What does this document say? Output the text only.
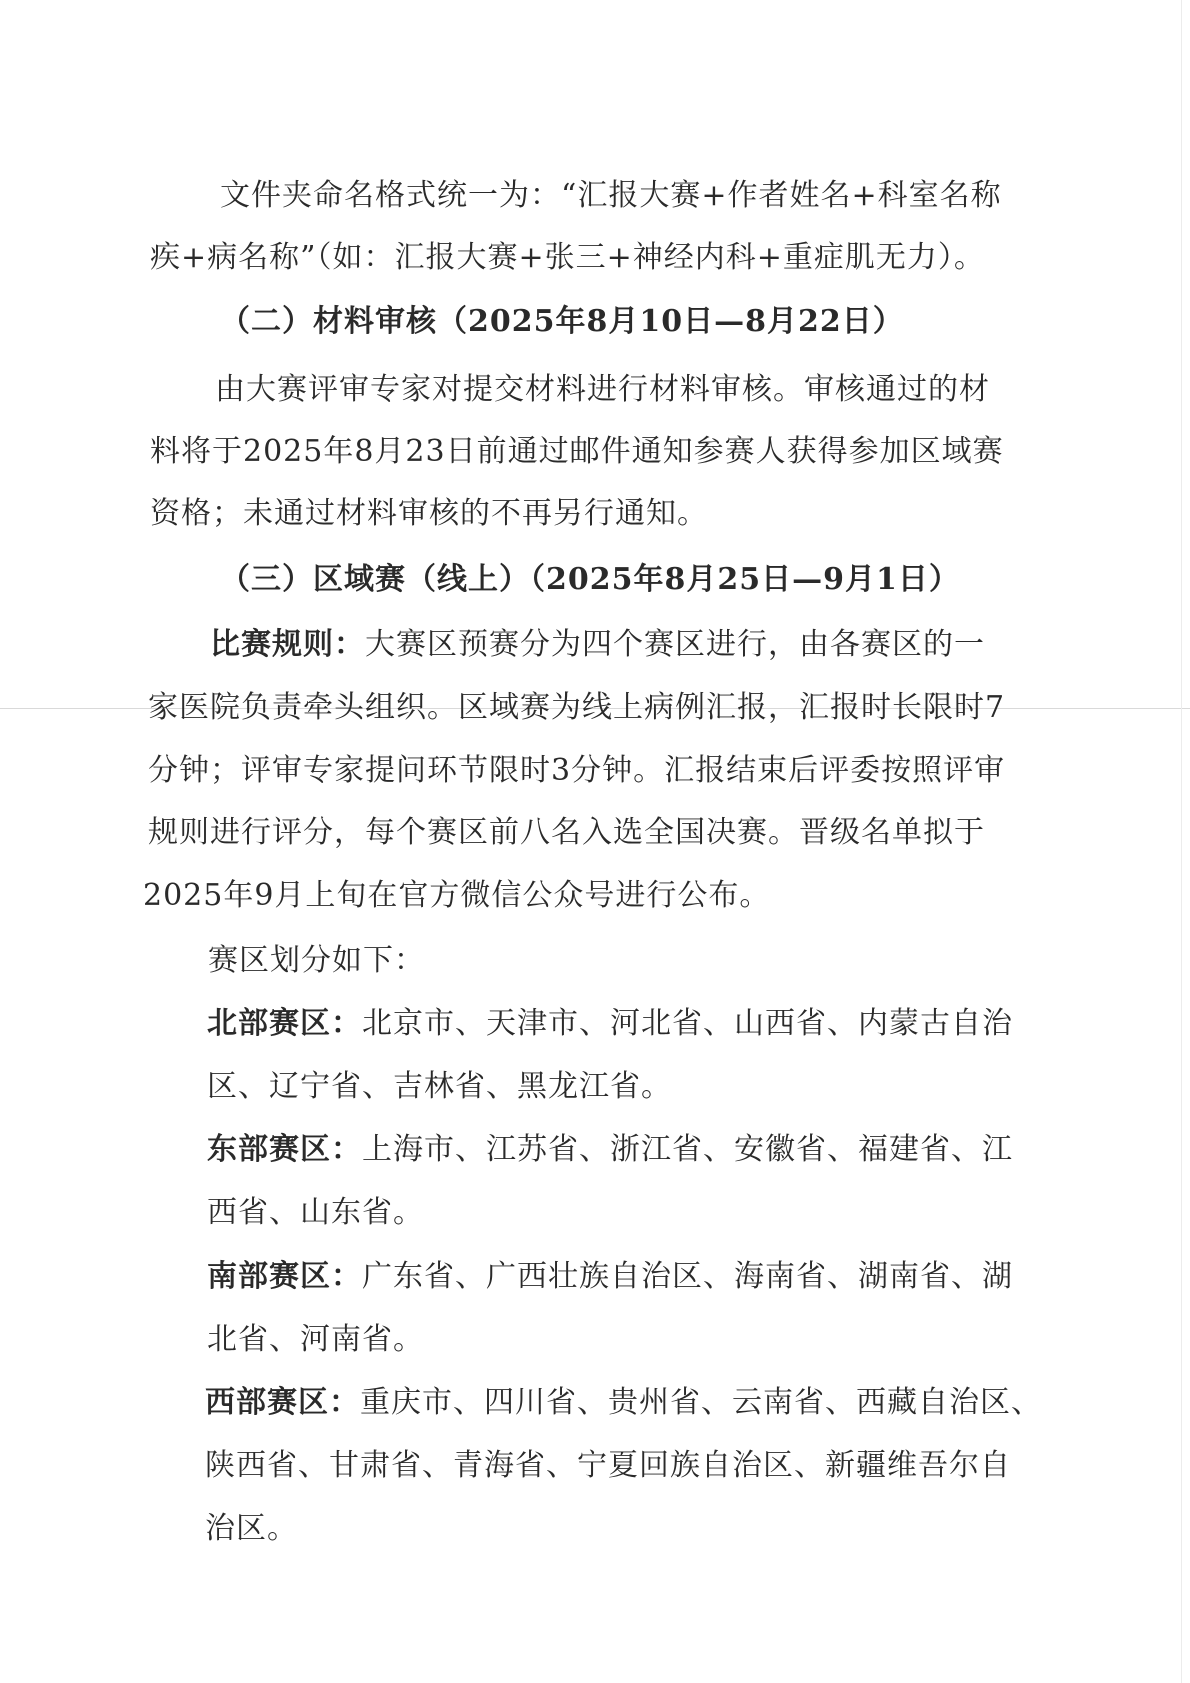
文件夹命名格式统一为：“汇报大赛+作者姓名+科室名称
疾+病名称”（如：汇报大赛+张三+神经内科+重症肌无力）。
（二）材料审核（2025年8月10日—8月22日）
由大赛评审专家对提交材料进行材料审核。审核通过的材
料将于2025年8月23日前通过邮件通知参赛人获得参加区域赛
资格；未通过材料审核的不再另行通知。
（三）区域赛（线上）（2025年8月25日—9月1日）
比赛规则：大赛区预赛分为四个赛区进行，由各赛区的一
家医院负责牵头组织。区域赛为线上病例汇报，汇报时长限时7
分钟；评审专家提问环节限时3分钟。汇报结束后评委按照评审
规则进行评分，每个赛区前八名入选全国决赛。晋级名单拟于
2025年9月上旬在官方微信公众号进行公布。
赛区划分如下：
北部赛区：北京市、天津市、河北省、山西省、内蒙古自治
区、辽宁省、吉林省、黑龙江省。
东部赛区：上海市、江苏省、浙江省、安徽省、福建省、江
西省、山东省。
南部赛区：广东省、广西壮族自治区、海南省、湖南省、湖
北省、河南省。
西部赛区：重庆市、四川省、贵州省、云南省、西藏自治区、
陕西省、甘肃省、青海省、宁夏回族自治区、新疆维吾尔自
治区。
